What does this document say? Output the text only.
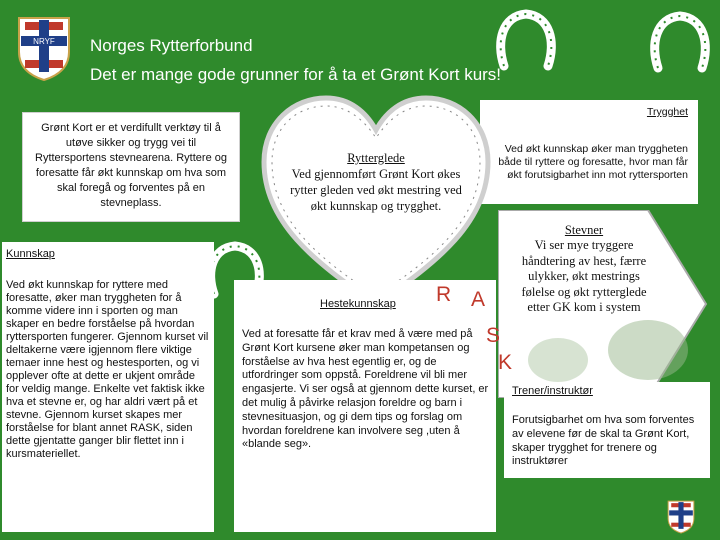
NRYF Norges Rytterforbund
Det er mange gode grunner for å ta et Grønt Kort kurs!
Grønt Kort er et verdifullt verktøy til å utøve sikker og trygg vei til Ryttersportens stevnearena. Ryttere og foresatte får økt kunnskap om hva som skal foregå og forventes på en stevneplass.
Kunnskap
Ved økt kunnskap for ryttere med foresatte, øker man tryggheten for å komme videre inn i sporten og man skaper en bedre forståelse på hvordan ryttersporten fungerer. Gjennom kurset vil deltakerne være igjennom flere viktige temaer inne hest og hestesporten, og vi opplever ofte at dette er ukjent område for veldig mange. Enkelte vet faktisk ikke hva et stevne er, og har aldri vært på et stevne. Gjennom kurset skapes mer forståelse for blant annet RASK, siden dette gjentatte ganger blir flettet inn i kursmateriellet.
Trygghet
Ved økt kunnskap øker man tryggheten både til ryttere og foresatte, hvor man får økt forutsigbarhet inn mot ryttersporten
Rytterglede
Ved gjennomført Grønt Kort økes rytter gleden ved økt mestring ved økt kunnskap og trygghet.
Hestekunnskap
Ved at foresatte får et krav med å være med på Grønt Kort kursene øker man kompetansen og forståelse av hva hest egentlig er, og de utfordringer som oppstå. Foreldrene vil bli mer engasjerte. Vi ser også at gjennom dette kurset, er det mulig å påvirke relasjon foreldre og barn i stevnesituasjon, og gi dem tips og forslag om hvordan foreldrene kan involvere seg ,uten å «blande seg».
Stevner
Vi ser mye tryggere håndtering av hest, færre ulykker, økt mestrings følelse og økt ryttergledе etter GK kom i system
R A
S
K
Trener/instruktør
Forutsigbarhet om hva som forventes av elevene før de skal ta Grønt Kort, skaper trygghet for trenere og instruktører
